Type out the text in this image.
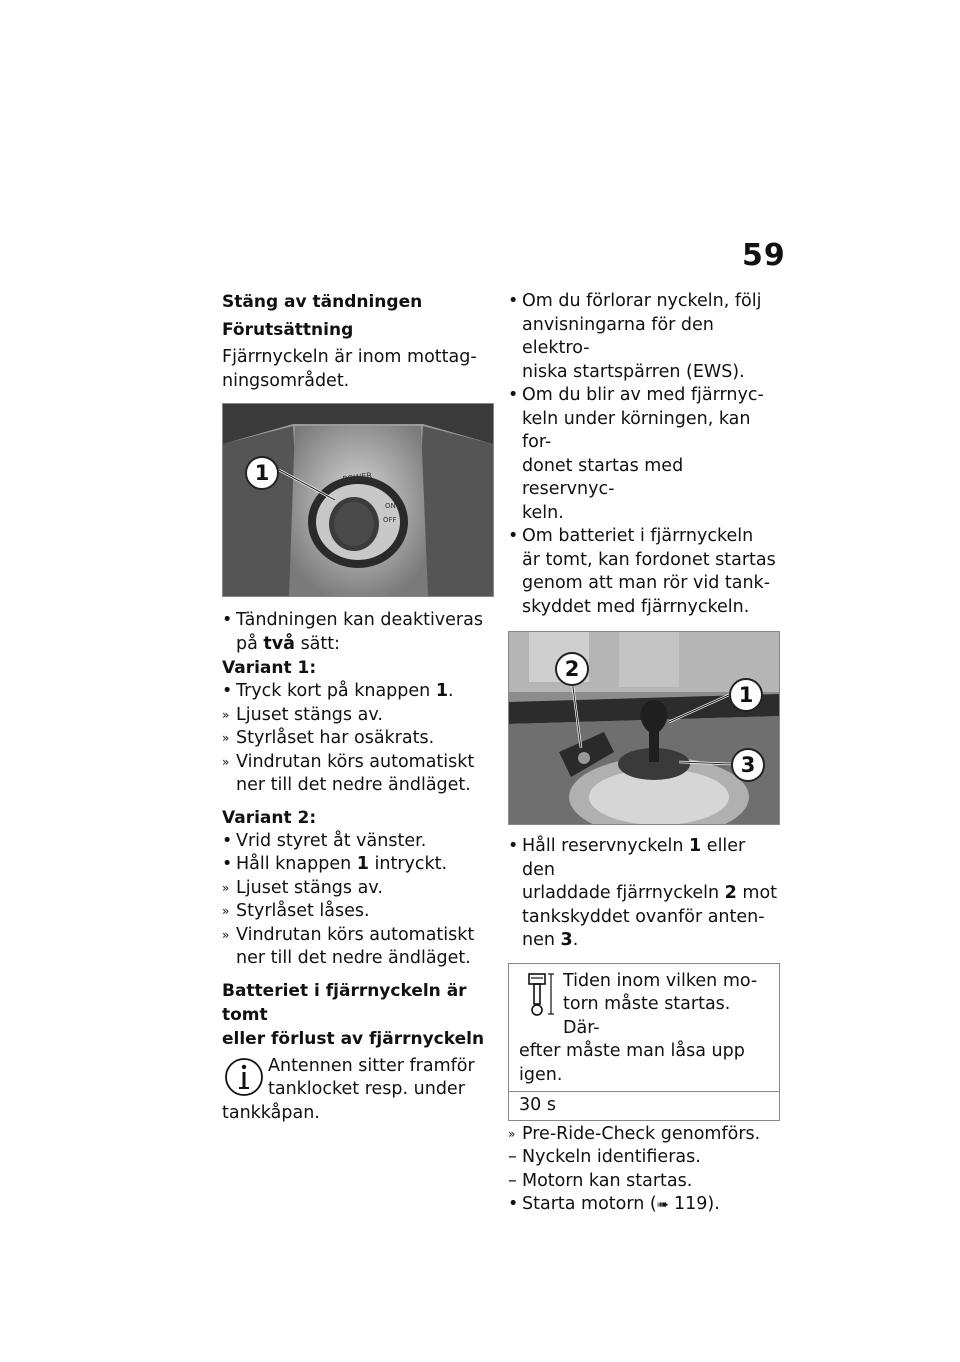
59
Stäng av tändningen
Förutsättning
Fjärrnyckeln är inom mottag-
ningsområdet.
POWER
ON
OFF
1
• Tändningen kan deaktiveras
på två sätt:
Variant 1:
• Tryck kort på knappen 1.
» Ljuset stängs av.
» Styrlåset har osäkrats.
» Vindrutan körs automatiskt
ner till det nedre ändläget.
Variant 2:
• Vrid styret åt vänster.
• Håll knappen 1 intryckt.
» Ljuset stängs av.
» Styrlåset låses.
» Vindrutan körs automatiskt
ner till det nedre ändläget.
Batteriet i fjärrnyckeln är tomt
eller förlust av fjärrnyckeln
Antennen sitter framför
tanklocket resp. under
tankkåpan.
• Om du förlorar nyckeln, följ
anvisningarna för den elektro-
niska startspärren (EWS).
• Om du blir av med fjärrnyc-
keln under körningen, kan for-
donet startas med reservnyc-
keln.
• Om batteriet i fjärrnyckeln
är tomt, kan fordonet startas
genom att man rör vid tank-
skyddet med fjärrnyckeln.
2
1
3
• Håll reservnyckeln 1 eller den
urladdade fjärrnyckeln 2 mot
tankskyddet ovanför anten-
nen 3.
Tiden inom vilken mo-
torn måste startas. Där-
efter måste man låsa upp
igen.
30 s
» Pre-Ride-Check genomförs.
– Nyckeln identifieras.
– Motorn kan startas.
• Starta motorn (➠ 119).
